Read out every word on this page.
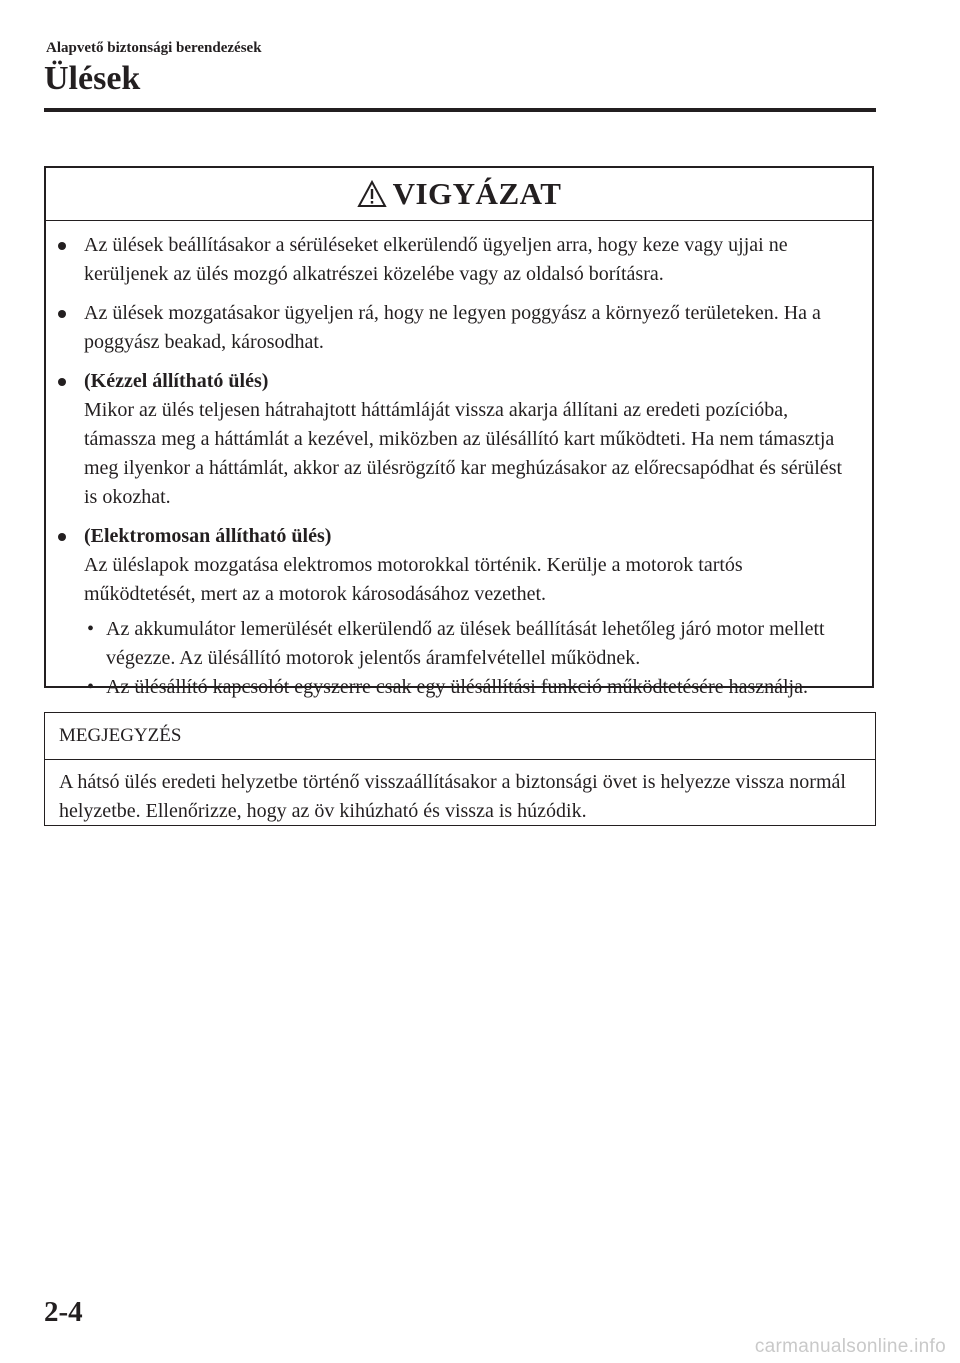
Alapvető biztonsági berendezések
Ülések
VIGYÁZAT
Az ülések beállításakor a sérüléseket elkerülendő ügyeljen arra, hogy keze vagy ujjai ne kerüljenek az ülés mozgó alkatrészei közelébe vagy az oldalsó borításra.
Az ülések mozgatásakor ügyeljen rá, hogy ne legyen poggyász a környező területeken. Ha a poggyász beakad, károsodhat.
(Kézzel állítható ülés)
Mikor az ülés teljesen hátrahajtott háttámláját vissza akarja állítani az eredeti pozícióba, támassza meg a háttámlát a kezével, miközben az ülésállító kart működteti. Ha nem támasztja meg ilyenkor a háttámlát, akkor az ülésrögzítő kar meghúzásakor az előrecsapódhat és sérülést is okozhat.
(Elektromosan állítható ülés)
Az üléslapok mozgatása elektromos motorokkal történik. Kerülje a motorok tartós működtetését, mert az a motorok károsodásához vezethet.
• Az akkumulátor lemerülését elkerülendő az ülések beállítását lehetőleg járó motor mellett végezze. Az ülésállító motorok jelentős áramfelvétellel működnek.
• Az ülésállító kapcsolót egyszerre csak egy ülésállítási funkció működtetésére használja.
MEGJEGYZÉS
A hátsó ülés eredeti helyzetbe történő visszaállításakor a biztonsági övet is helyezze vissza normál helyzetbe. Ellenőrizze, hogy az öv kihúzható és vissza is húzódik.
2-4
carmanualsonline.info
